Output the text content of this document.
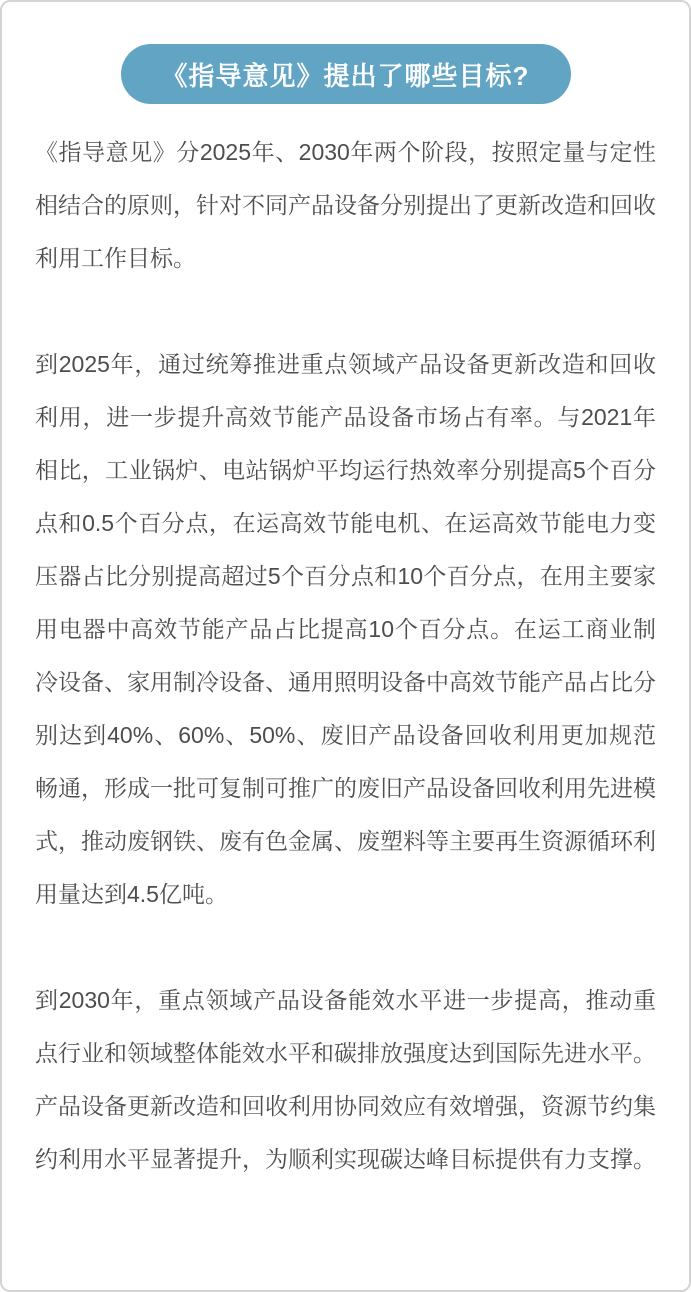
《指导意见》提出了哪些目标?

《指导意见》分2025年、2030年两个阶段，按照定量与定性相结合的原则，针对不同产品设备分别提出了更新改造和回收利用工作目标。

到2025年，通过统筹推进重点领域产品设备更新改造和回收利用，进一步提升高效节能产品设备市场占有率。与2021年相比，工业锅炉、电站锅炉平均运行热效率分别提高5个百分点和0.5个百分点，在运高效节能电机、在运高效节能电力变压器占比分别提高超过5个百分点和10个百分点，在用主要家用电器中高效节能产品占比提高10个百分点。在运工商业制冷设备、家用制冷设备、通用照明设备中高效节能产品占比分别达到40%、60%、50%、废旧产品设备回收利用更加规范畅通，形成一批可复制可推广的废旧产品设备回收利用先进模式，推动废钢铁、废有色金属、废塑料等主要再生资源循环利用量达到4.5亿吨。

到2030年，重点领域产品设备能效水平进一步提高，推动重点行业和领域整体能效水平和碳排放强度达到国际先进水平。产品设备更新改造和回收利用协同效应有效增强，资源节约集约利用水平显著提升，为顺利实现碳达峰目标提供有力支撑。
